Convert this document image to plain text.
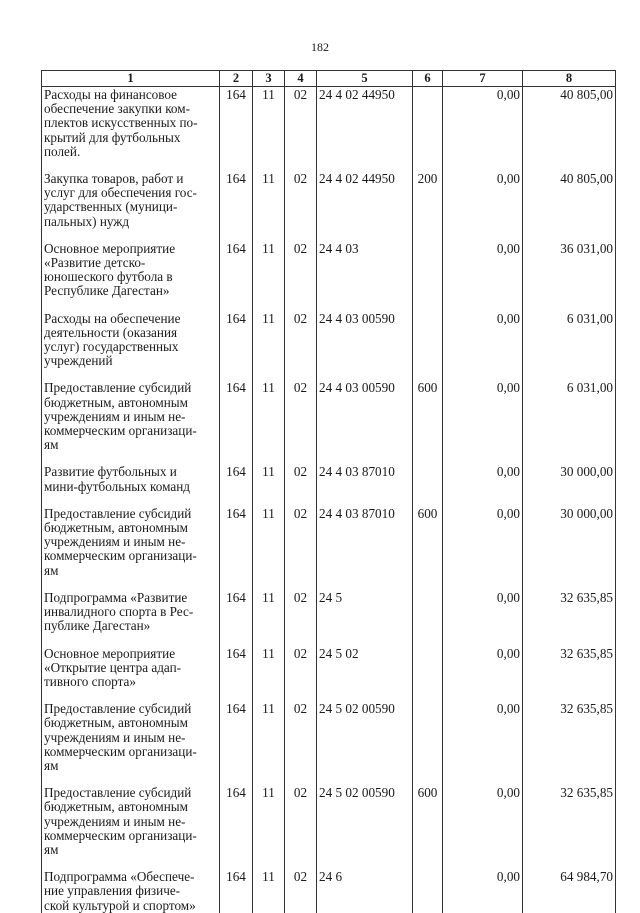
182
1	2	3	4	5	6	7	8

Расходы на финансовое
обеспечение закупки ком-
плектов искусственных по-
крытий для футбольных
полей.	164	11	02	24 4 02 44950		0,00	40 805,00

Закупка товаров, работ и
услуг для обеспечения гос-
ударственных (муници-
пальных) нужд	164	11	02	24 4 02 44950	200	0,00	40 805,00

Основное мероприятие
«Развитие детско-
юношеского футбола в
Республике Дагестан»	164	11	02	24 4 03		0,00	36 031,00

Расходы на обеспечение
деятельности (оказания
услуг) государственных
учреждений	164	11	02	24 4 03 00590		0,00	6 031,00

Предоставление субсидий
бюджетным, автономным
учреждениям и иным не-
коммерческим организаци-
ям	164	11	02	24 4 03 00590	600	0,00	6 031,00

Развитие футбольных и
мини-футбольных команд	164	11	02	24 4 03 87010		0,00	30 000,00

Предоставление субсидий
бюджетным, автономным
учреждениям и иным не-
коммерческим организаци-
ям	164	11	02	24 4 03 87010	600	0,00	30 000,00

Подпрограмма «Развитие
инвалидного спорта в Рес-
публике Дагестан»	164	11	02	24 5		0,00	32 635,85

Основное мероприятие
«Открытие центра адап-
тивного спорта»	164	11	02	24 5 02		0,00	32 635,85

Предоставление субсидий
бюджетным, автономным
учреждениям и иным не-
коммерческим организаци-
ям	164	11	02	24 5 02 00590		0,00	32 635,85

Предоставление субсидий
бюджетным, автономным
учреждениям и иным не-
коммерческим организаци-
ям	164	11	02	24 5 02 00590	600	0,00	32 635,85

Подпрограмма «Обеспече-
ние управления физиче-
ской культурой и спортом»	164	11	02	24 6		0,00	64 984,70
